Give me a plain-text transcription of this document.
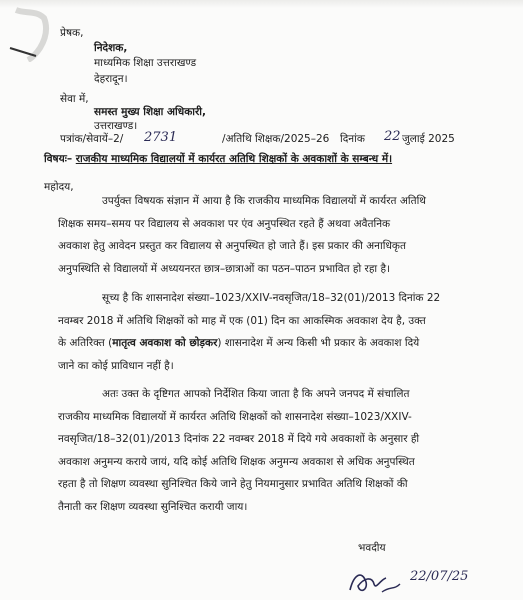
प्रेषक,
निदेशक,
माध्यमिक शिक्षा उत्तराखण्ड
देहरादून।
सेवा में,
समस्त मुख्य शिक्षा अधिकारी,
उत्तराखण्ड।
पत्रांक/सेवायें–2/ 2731	/अतिथि शिक्षक/2025–26 दिनांक 22 जुलाई 2025
विषयः– राजकीय माध्यमिक विद्यालयों में कार्यरत अतिथि शिक्षकों के अवकाशों के सम्बन्ध में।
महोदय,
उपर्युक्त विषयक संज्ञान में आया है कि राजकीय माध्यमिक विद्यालयों में कार्यरत अतिथि
शिक्षक समय–समय पर विद्यालय से अवकाश पर एंव अनुपस्थित रहते हैं अथवा अवैतनिक
अवकाश हेतु आवेदन प्रस्तुत कर विद्यालय से अनुपस्थित हो जाते हैं। इस प्रकार की अनाधिकृत
अनुपस्थिति से विद्यालयों में अध्ययनरत छात्र–छात्राओं का पठन–पाठन प्रभावित हो रहा है।
सूच्य है कि शासनादेश संख्या–1023/XXIV-नवसृजित/18–32(01)/2013 दिनांक 22
नवम्बर 2018 में अतिथि शिक्षकों को माह में एक (01) दिन का आकस्मिक अवकाश देय है, उक्त
के अतिरिक्त (मातृत्व अवकाश को छोड़कर) शासनादेश में अन्य किसी भी प्रकार के अवकाश दिये
जाने का कोई प्राविधान नहीं है।
अतः उक्त के दृष्टिगत आपको निर्देशित किया जाता है कि अपने जनपद में संचालित
राजकीय माध्यमिक विद्यालयों में कार्यरत अतिथि शिक्षकों को शासनादेश संख्या–1023/XXIV-
नवसृजित/18–32(01)/2013 दिनांक 22 नवम्बर 2018 में दिये गये अवकाशों के अनुसार ही
अवकाश अनुमन्य कराये जायं, यदि कोई अतिथि शिक्षक अनुमन्य अवकाश से अधिक अनुपस्थित
रहता है तो शिक्षण व्यवस्था सुनिश्चित किये जाने हेतु नियमानुसार प्रभावित अतिथि शिक्षकों की
तैनाती कर शिक्षण व्यवस्था सुनिश्चित करायी जाय।
भवदीय
22/07/25
